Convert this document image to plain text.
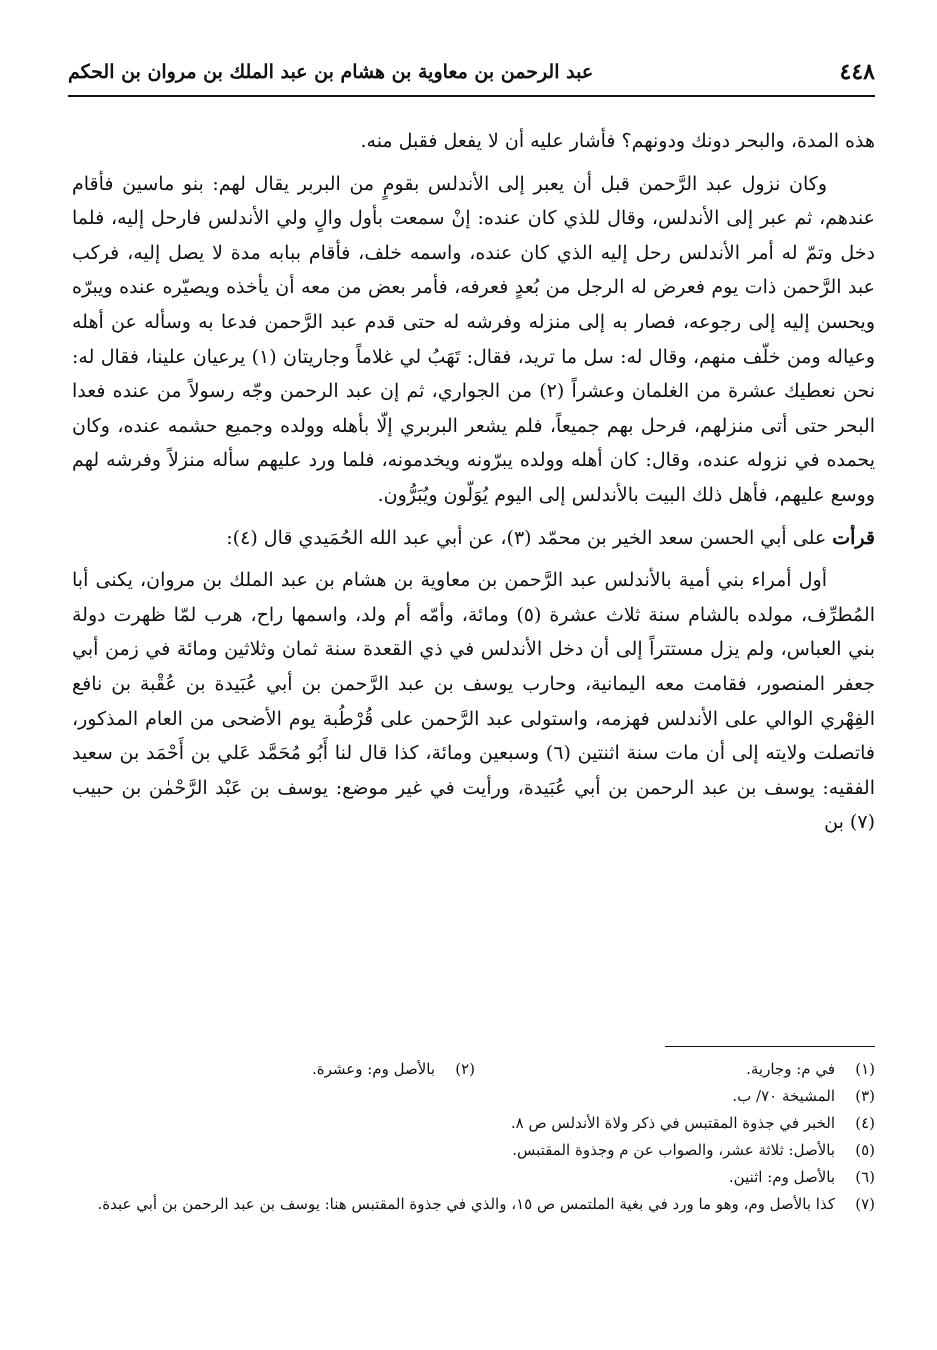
٤٤٨
عبد الرحمن بن معاوية بن هشام بن عبد الملك بن مروان بن الحكم

هذه المدة، والبحر دونك ودونهم؟ فأشار عليه أن لا يفعل فقبل منه.

وكان نزول عبد الرَّحمن قبل أن يعبر إلى الأندلس بقومٍ من البربر يقال لهم: بنو ماسين فأقام عندهم، ثم عبر إلى الأندلس، وقال للذي كان عنده: إنْ سمعت بأول والٍ ولي الأندلس فارحل إليه، فلما دخل وتمّ له أمر الأندلس رحل إليه الذي كان عنده، واسمه خلف، فأقام ببابه مدة لا يصل إليه، فركب عبد الرَّحمن ذات يوم فعرض له الرجل من بُعدٍ فعرفه، فأمر بعض من معه أن يأخذه ويصيّره عنده ويبرّه ويحسن إليه إلى رجوعه، فصار به إلى منزله وفرشه له حتى قدم عبد الرَّحمن فدعا به وسأله عن أهله وعياله ومن خلّف منهم، وقال له: سل ما تريد، فقال: تَهَبُ لي غلاماً وجاريتان (١) يرعيان علينا، فقال له: نحن نعطيك عشرة من الغلمان وعشراً (٢) من الجواري، ثم إن عبد الرحمن وجّه رسولاً من عنده فعدا البحر حتى أتى منزلهم، فرحل بهم جميعاً، فلم يشعر البربري إلّا بأهله وولده وجميع حشمه عنده، وكان يحمده في نزوله عنده، وقال: كان أهله وولده يبرّونه ويخدمونه، فلما ورد عليهم سأله منزلاً وفرشه لهم ووسع عليهم، فأهل ذلك البيت بالأندلس إلى اليوم يُوَلّون ويُبَرُّون.

قرأت على أبي الحسن سعد الخير بن محمّد (٣)، عن أبي عبد الله الحُمَيدي قال (٤):

أول أمراء بني أمية بالأندلس عبد الرَّحمن بن معاوية بن هشام بن عبد الملك بن مروان، يكنى أبا المُطرِّف، مولده بالشام سنة ثلاث عشرة (٥) ومائة، وأمّه أم ولد، واسمها راح، هرب لمّا ظهرت دولة بني العباس، ولم يزل مستتراً إلى أن دخل الأندلس في ذي القعدة سنة ثمان وثلاثين ومائة في زمن أبي جعفر المنصور، فقامت معه اليمانية، وحارب يوسف بن عبد الرَّحمن بن أبي عُبَيدة بن عُقْبة بن نافع الفِهْري الوالي على الأندلس فهزمه، واستولى عبد الرَّحمن على قُرْطُبة يوم الأضحى من العام المذكور، فاتصلت ولايته إلى أن مات سنة اثنتين (٦) وسبعين ومائة، كذا قال لنا أَبُو مُحَمَّد عَلي بن أَحْمَد بن سعيد الفقيه: يوسف بن عبد الرحمن بن أبي عُبَيدة، ورأيت في غير موضع: يوسف بن عَبْد الرَّحْمٰن بن حبيب (٧) بن

(١)
في م: وجارية.
(٢)
بالأصل وم: وعشرة.
(٣)
المشيخة ٧٠/ ب.
(٤)
الخبر في جذوة المقتبس في ذكر ولاة الأندلس ص ٨.
(٥)
بالأصل: ثلاثة عشر، والصواب عن م وجذوة المقتبس.
(٦)
بالأصل وم: اثنين.
(٧)
كذا بالأصل وم، وهو ما ورد في بغية الملتمس ص ١٥، والذي في جذوة المقتبس هنا: يوسف بن عبد الرحمن بن أبي عبدة.
